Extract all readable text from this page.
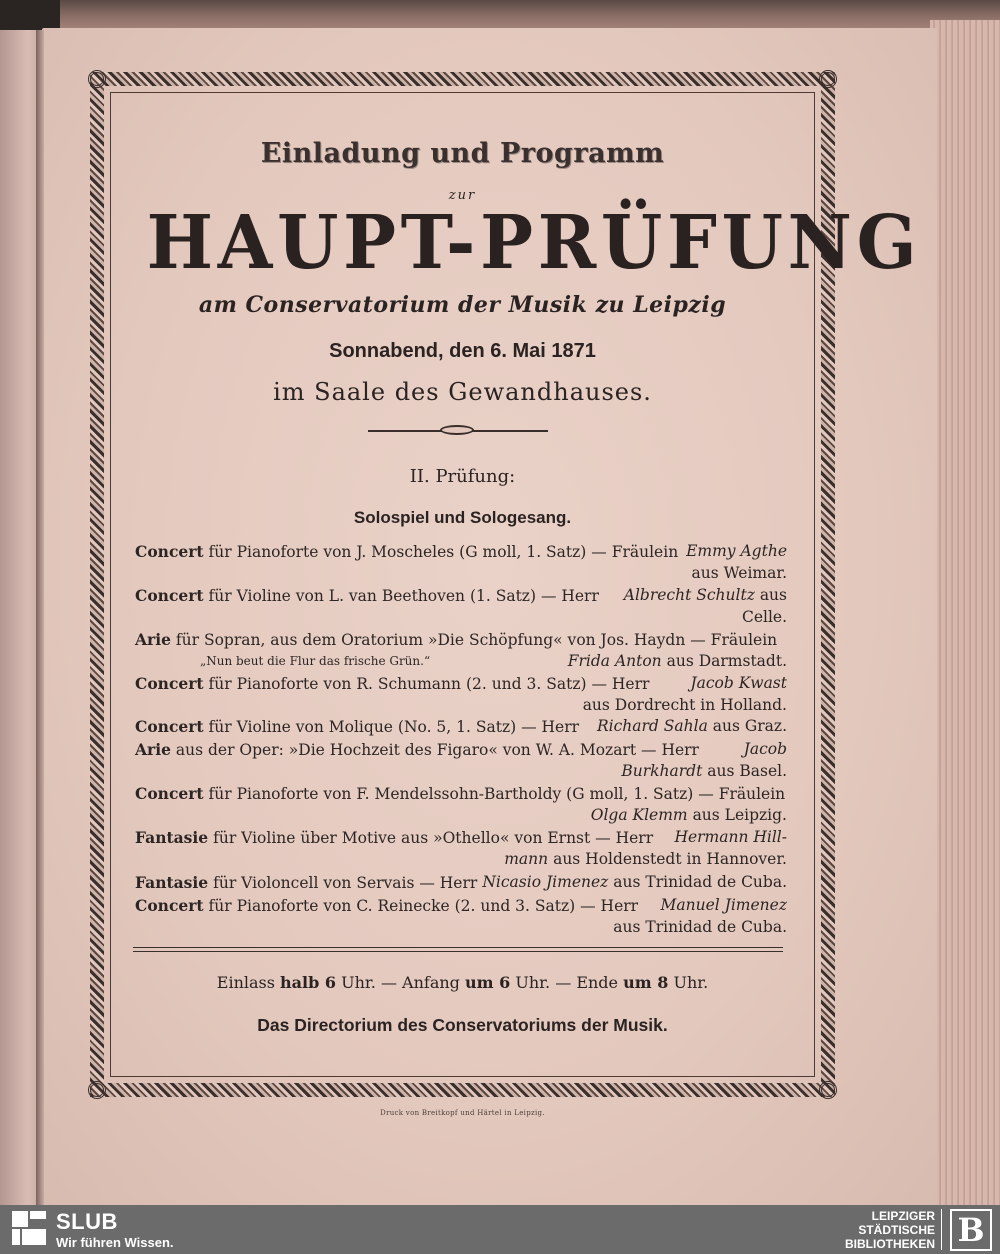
Einladung und Programm
zur
HAUPT-PRÜFUNG
am Conservatorium der Musik zu Leipzig
Sonnabend, den 6. Mai 1871
im Saale des Gewandhauses.
II. Prüfung:
Solospiel und Sologesang.
Concert für Pianoforte von J. Moscheles (G moll, 1. Satz) — Fräulein Emmy Agthe
aus Weimar.
Concert für Violine von L. van Beethoven (1. Satz) — Herr Albrecht Schultz aus
Celle.
Arie für Sopran, aus dem Oratorium »Die Schöpfung« von Jos. Haydn — Fräulein
„Nun beut die Flur das frische Grün.“	Frida Anton aus Darmstadt.
Concert für Pianoforte von R. Schumann (2. und 3. Satz) — Herr	Jacob Kwast
aus Dordrecht in Holland.
Concert für Violine von Molique (No. 5, 1. Satz) — Herr Richard Sahla aus Graz.
Arie aus der Oper: »Die Hochzeit des Figaro« von W. A. Mozart — Herr	Jacob
Burkhardt aus Basel.
Concert für Pianoforte von F. Mendelssohn-Bartholdy (G moll, 1. Satz) — Fräulein
Olga Klemm aus Leipzig.
Fantasie für Violine über Motive aus »Othello« von Ernst — Herr Hermann Hill-
mann aus Holdenstedt in Hannover.
Fantasie für Violoncell von Servais — Herr Nicasio Jimenez aus Trinidad de Cuba.
Concert für Pianoforte von C. Reinecke (2. und 3. Satz) — Herr Manuel Jimenez
aus Trinidad de Cuba.
Einlass halb 6 Uhr. — Anfang um 6 Uhr. — Ende um 8 Uhr.
Das Directorium des Conservatoriums der Musik.
Druck von Breitkopf und Härtel in Leipzig.
SLUB
Wir führen Wissen.
LEIPZIGER
STÄDTISCHE
BIBLIOTHEKEN B
